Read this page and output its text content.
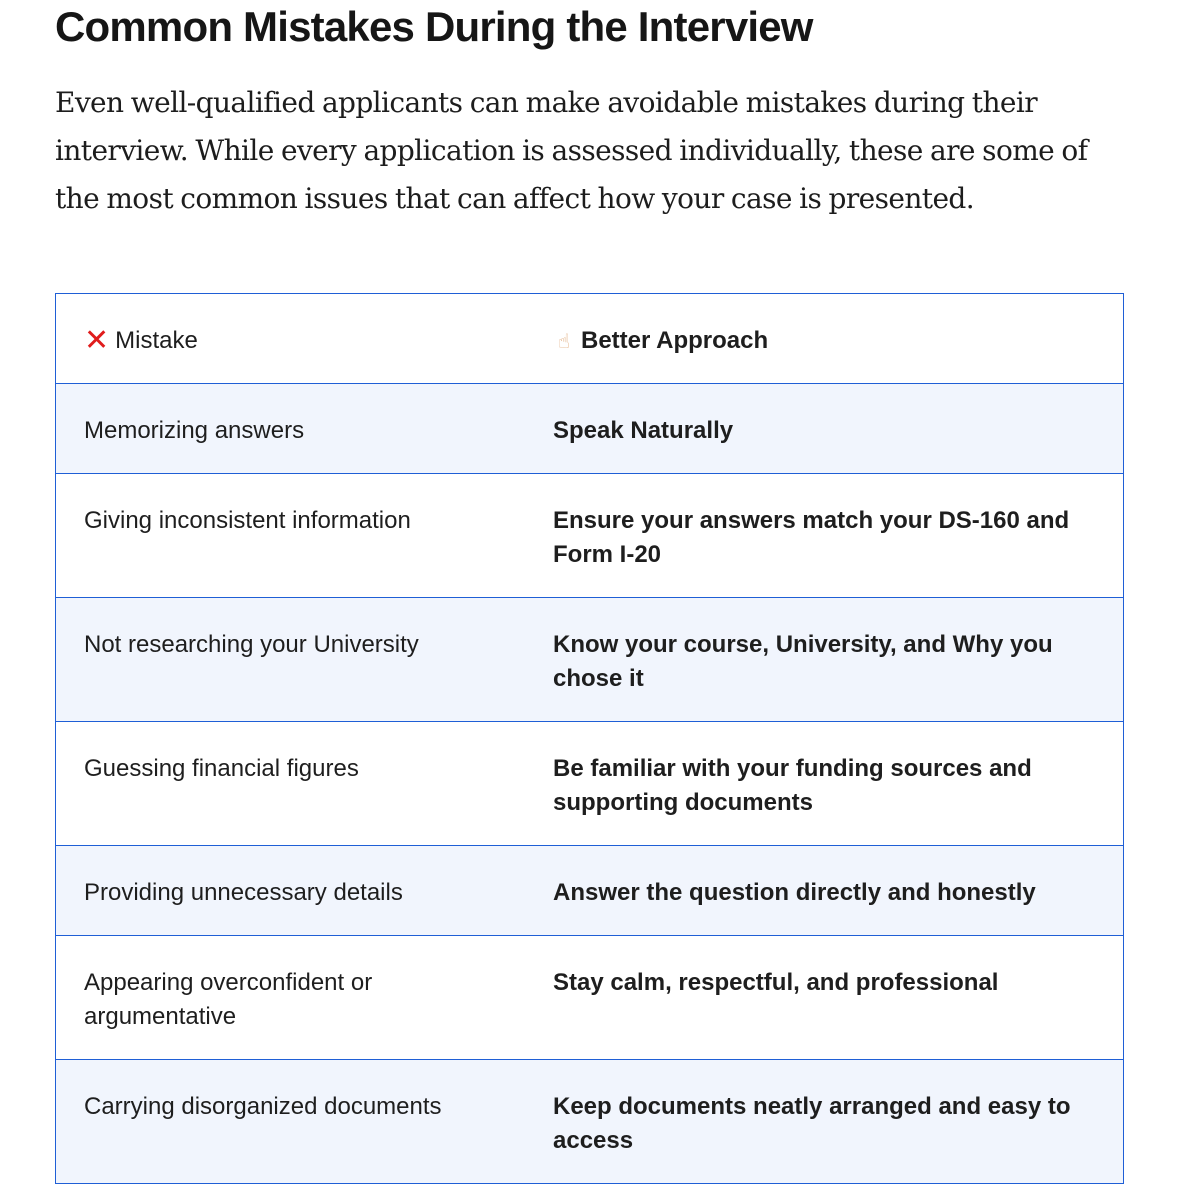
Common Mistakes During the Interview

Even well-qualified applicants can make avoidable mistakes during their interview. While every application is assessed individually, these are some of the most common issues that can affect how your case is presented.

✕ Mistake	☝ Better Approach
Memorizing answers	Speak Naturally
Giving inconsistent information	Ensure your answers match your DS-160 and Form I-20
Not researching your University	Know your course, University, and Why you chose it
Guessing financial figures	Be familiar with your funding sources and supporting documents
Providing unnecessary details	Answer the question directly and honestly
Appearing overconfident or argumentative	Stay calm, respectful, and professional
Carrying disorganized documents	Keep documents neatly arranged and easy to access
